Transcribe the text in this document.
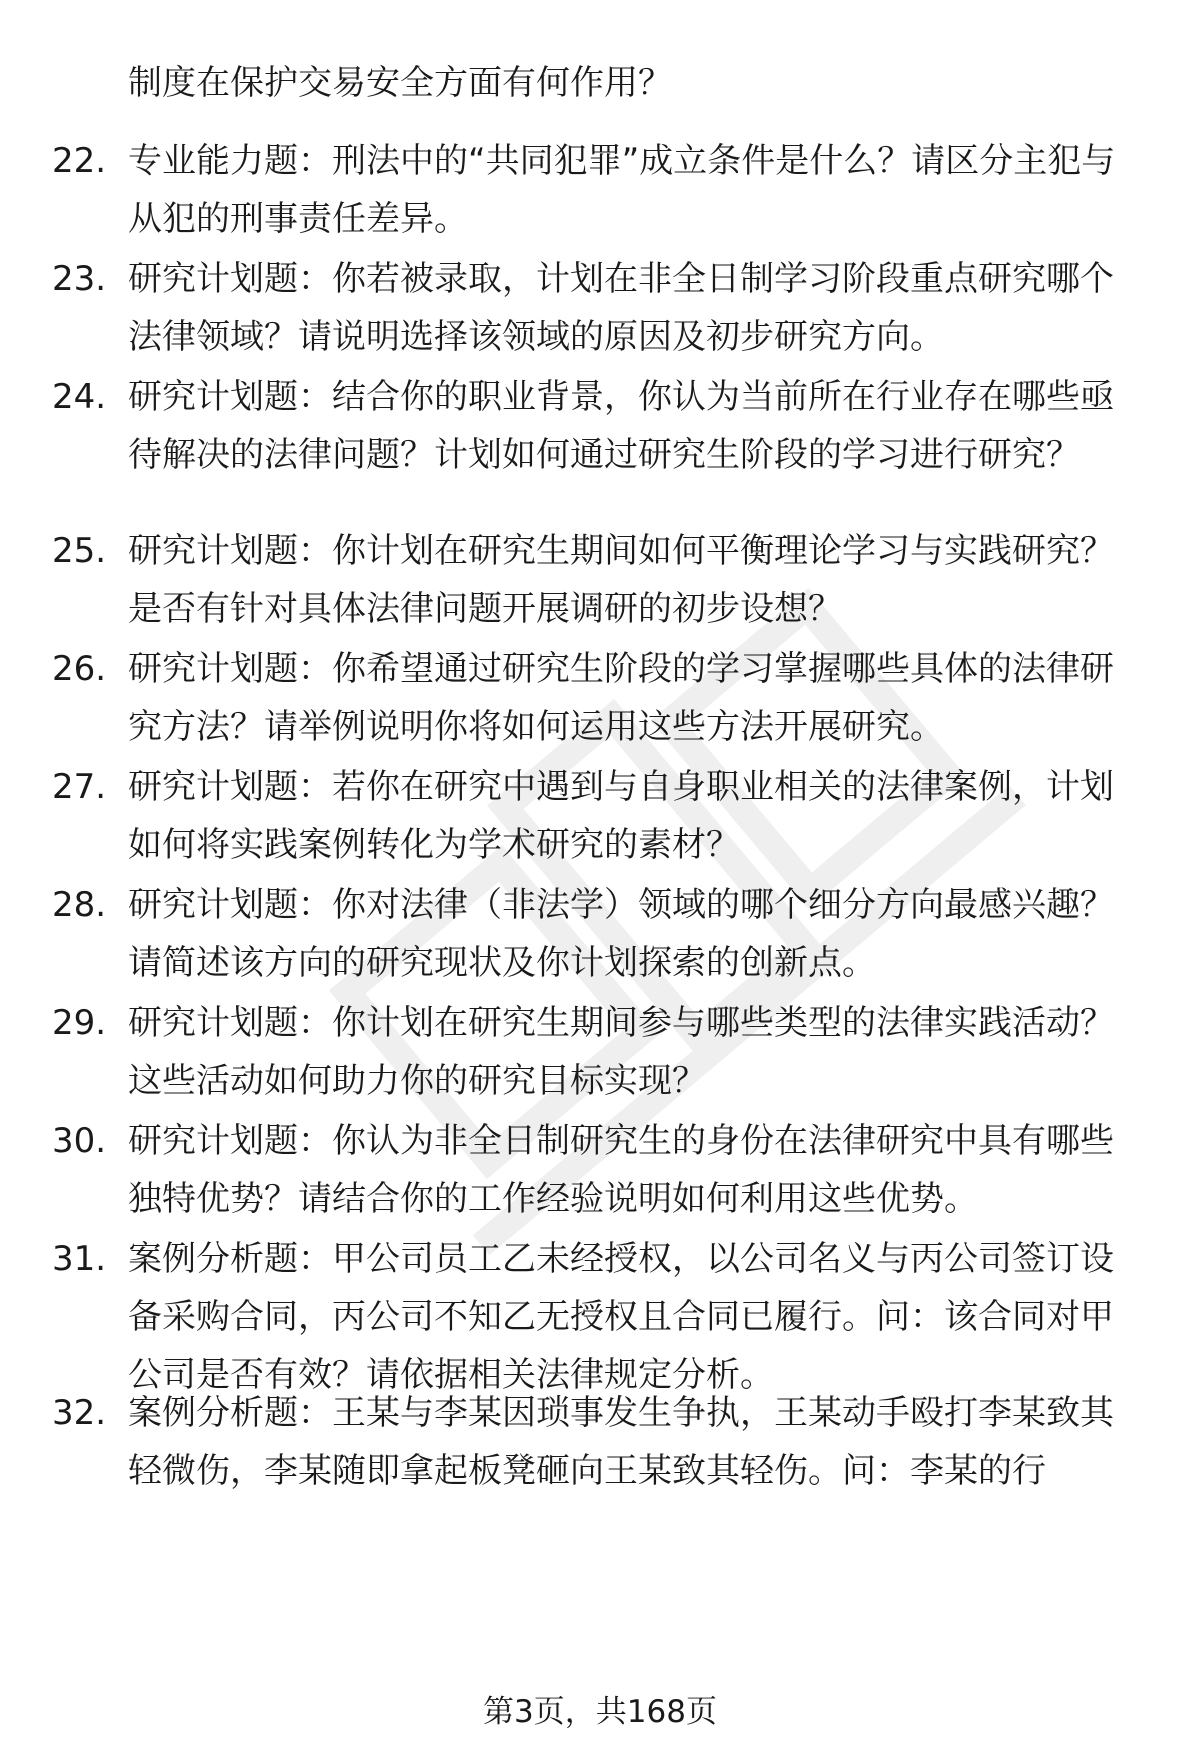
制度在保护交易安全方面有何作用？

22. 专业能力题：刑法中的“共同犯罪”成立条件是什么？请区分主犯与从犯的刑事责任差异。
23. 研究计划题：你若被录取，计划在非全日制学习阶段重点研究哪个法律领域？请说明选择该领域的原因及初步研究方向。
24. 研究计划题：结合你的职业背景，你认为当前所在行业存在哪些亟待解决的法律问题？计划如何通过研究生阶段的学习进行研究？
25. 研究计划题：你计划在研究生期间如何平衡理论学习与实践研究？是否有针对具体法律问题开展调研的初步设想？
26. 研究计划题：你希望通过研究生阶段的学习掌握哪些具体的法律研究方法？请举例说明你将如何运用这些方法开展研究。
27. 研究计划题：若你在研究中遇到与自身职业相关的法律案例，计划如何将实践案例转化为学术研究的素材？
28. 研究计划题：你对法律（非法学）领域的哪个细分方向最感兴趣？请简述该方向的研究现状及你计划探索的创新点。
29. 研究计划题：你计划在研究生期间参与哪些类型的法律实践活动？这些活动如何助力你的研究目标实现？
30. 研究计划题：你认为非全日制研究生的身份在法律研究中具有哪些独特优势？请结合你的工作经验说明如何利用这些优势。
31. 案例分析题：甲公司员工乙未经授权，以公司名义与丙公司签订设备采购合同，丙公司不知乙无授权且合同已履行。问：该合同对甲公司是否有效？请依据相关法律规定分析。
32. 案例分析题：王某与李某因琐事发生争执，王某动手殴打李某致其轻微伤，李某随即拿起板凳砸向王某致其轻伤。问：李某的行

第3页，共168页
